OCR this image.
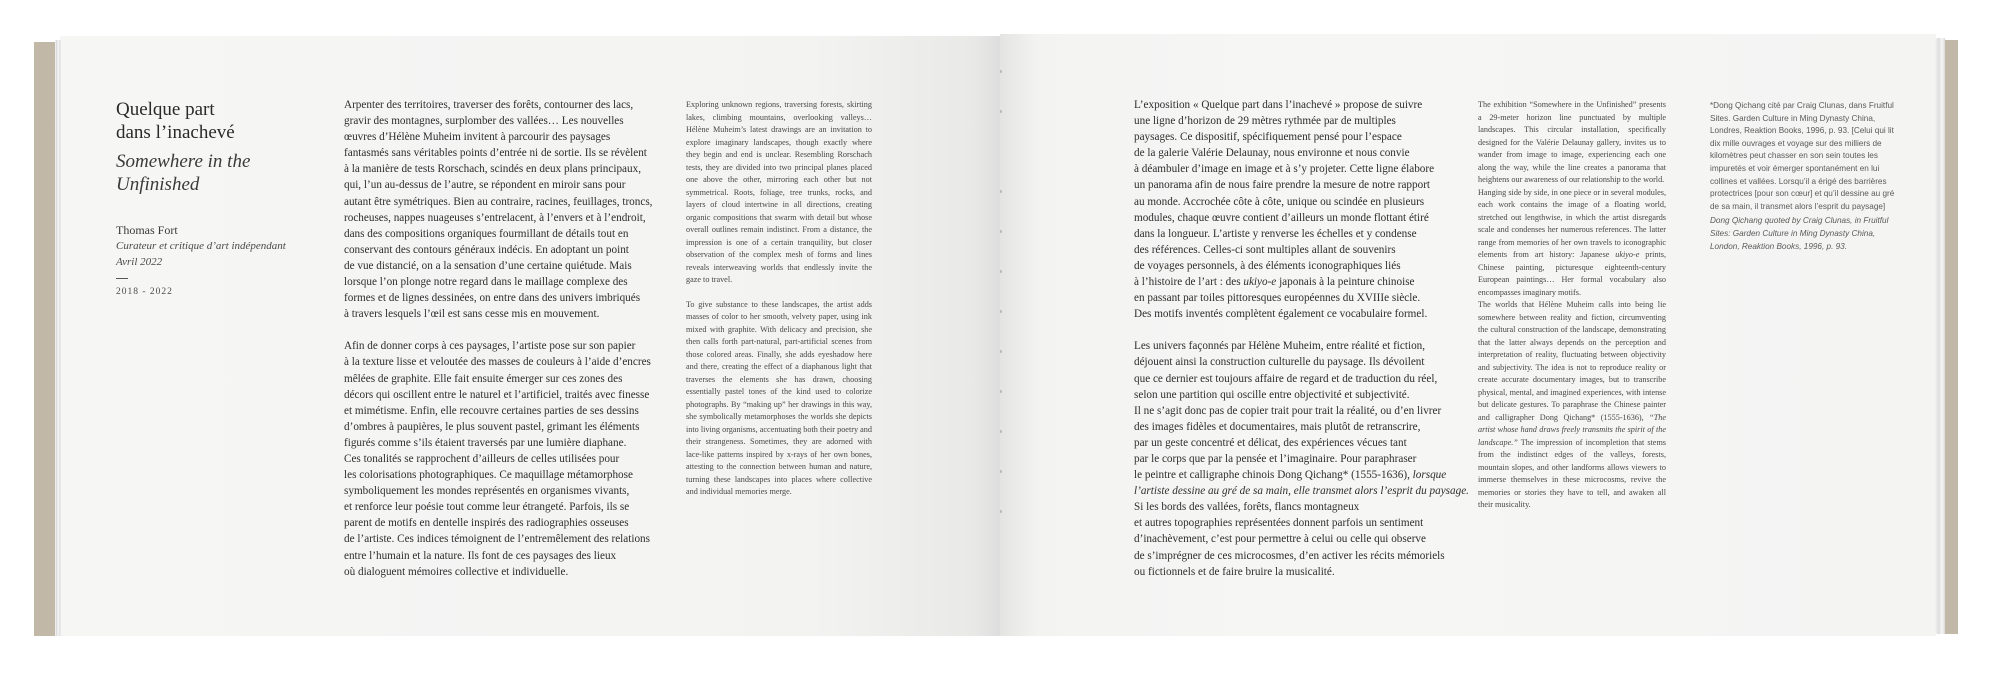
Quelque part
dans l’inachevé
Somewhere in the
Unfinished
Thomas Fort
Curateur et critique d’art indépendant
Avril 2022
2018 - 2022

Arpenter des territoires, traverser des forêts, contourner des lacs,
gravir des montagnes, surplomber des vallées… Les nouvelles
œuvres d’Hélène Muheim invitent à parcourir des paysages
fantasmés sans véritables points d’entrée ni de sortie. Ils se révèlent
à la manière de tests Rorschach, scindés en deux plans principaux,
qui, l’un au-dessus de l’autre, se répondent en miroir sans pour
autant être symétriques. Bien au contraire, racines, feuillages, troncs,
rocheuses, nappes nuageuses s’entrelacent, à l’envers et à l’endroit,
dans des compositions organiques fourmillant de détails tout en
conservant des contours généraux indécis. En adoptant un point
de vue distancié, on a la sensation d’une certaine quiétude. Mais
lorsque l’on plonge notre regard dans le maillage complexe des
formes et de lignes dessinées, on entre dans des univers imbriqués
à travers lesquels l’œil est sans cesse mis en mouvement.

Afin de donner corps à ces paysages, l’artiste pose sur son papier
à la texture lisse et veloutée des masses de couleurs à l’aide d’encres
mêlées de graphite. Elle fait ensuite émerger sur ces zones des
décors qui oscillent entre le naturel et l’artificiel, traités avec finesse
et mimétisme. Enfin, elle recouvre certaines parties de ses dessins
d’ombres à paupières, le plus souvent pastel, grimant les éléments
figurés comme s’ils étaient traversés par une lumière diaphane.
Ces tonalités se rapprochent d’ailleurs de celles utilisées pour
les colorisations photographiques. Ce maquillage métamorphose
symboliquement les mondes représentés en organismes vivants,
et renforce leur poésie tout comme leur étrangeté. Parfois, ils se
parent de motifs en dentelle inspirés des radiographies osseuses
de l’artiste. Ces indices témoignent de l’entremêlement des relations
entre l’humain et la nature. Ils font de ces paysages des lieux
où dialoguent mémoires collective et individuelle.

Exploring unknown regions, traversing forests, skirting lakes, climbing mountains, overlooking valleys… Hélène Muheim’s latest drawings are an invitation to explore imaginary landscapes, though exactly where they begin and end is unclear. Resembling Rorschach tests, they are divided into two principal planes placed one above the other, mirroring each other but not symmetrical. Roots, foliage, tree trunks, rocks, and layers of cloud intertwine in all directions, creating organic compositions that swarm with detail but whose overall outlines remain indistinct. From a distance, the impression is one of a certain tranquility, but closer observation of the complex mesh of forms and lines reveals interweaving worlds that endlessly invite the gaze to travel.

To give substance to these landscapes, the artist adds masses of color to her smooth, velvety paper, using ink mixed with graphite. With delicacy and precision, she then calls forth part-natural, part-artificial scenes from those colored areas. Finally, she adds eyeshadow here and there, creating the effect of a diaphanous light that traverses the elements she has drawn, choosing essentially pastel tones of the kind used to colorize photographs. By “making up” her drawings in this way, she symbolically metamorphoses the worlds she depicts into living organisms, accentuating both their poetry and their strangeness. Sometimes, they are adorned with lace-like patterns inspired by x-rays of her own bones, attesting to the connection between human and nature, turning these landscapes into places where collective and individual memories merge.

L’exposition « Quelque part dans l’inachevé » propose de suivre
une ligne d’horizon de 29 mètres rythmée par de multiples
paysages. Ce dispositif, spécifiquement pensé pour l’espace
de la galerie Valérie Delaunay, nous environne et nous convie
à déambuler d’image en image et à s’y projeter. Cette ligne élabore
un panorama afin de nous faire prendre la mesure de notre rapport
au monde. Accrochée côte à côte, unique ou scindée en plusieurs
modules, chaque œuvre contient d’ailleurs un monde flottant étiré
dans la longueur. L’artiste y renverse les échelles et y condense
des références. Celles-ci sont multiples allant de souvenirs
de voyages personnels, à des éléments iconographiques liés
à l’histoire de l’art : des ukiyo-e japonais à la peinture chinoise
en passant par toiles pittoresques européennes du XVIIIe siècle.
Des motifs inventés complètent également ce vocabulaire formel.

Les univers façonnés par Hélène Muheim, entre réalité et fiction,
déjouent ainsi la construction culturelle du paysage. Ils dévoilent
que ce dernier est toujours affaire de regard et de traduction du réel,
selon une partition qui oscille entre objectivité et subjectivité.
Il ne s’agit donc pas de copier trait pour trait la réalité, ou d’en livrer
des images fidèles et documentaires, mais plutôt de retranscrire,
par un geste concentré et délicat, des expériences vécues tant
par le corps que par la pensée et l’imaginaire. Pour paraphraser
le peintre et calligraphe chinois Dong Qichang* (1555-1636), lorsque
l’artiste dessine au gré de sa main, elle transmet alors l’esprit du paysage.
Si les bords des vallées, forêts, flancs montagneux
et autres topographies représentées donnent parfois un sentiment
d’inachèvement, c’est pour permettre à celui ou celle qui observe
de s’imprégner de ces microcosmes, d’en activer les récits mémoriels
ou fictionnels et de faire bruire la musicalité.

The exhibition “Somewhere in the Unfinished” presents a 29-meter horizon line punctuated by multiple landscapes. This circular installation, specifically designed for the Valérie Delaunay gallery, invites us to wander from image to image, experiencing each one along the way, while the line creates a panorama that heightens our awareness of our relationship to the world.

Hanging side by side, in one piece or in several modules, each work contains the image of a floating world, stretched out lengthwise, in which the artist disregards scale and condenses her numerous references. The latter range from memories of her own travels to iconographic elements from art history: Japanese ukiyo-e prints, Chinese painting, picturesque eighteenth-century European paintings… Her formal vocabulary also encompasses imaginary motifs.

The worlds that Hélène Muheim calls into being lie somewhere between reality and fiction, circumventing the cultural construction of the landscape, demonstrating that the latter always depends on the perception and interpretation of reality, fluctuating between objectivity and subjectivity. The idea is not to reproduce reality or create accurate documentary images, but to transcribe physical, mental, and imagined experiences, with intense but delicate gestures. To paraphrase the Chinese painter and calligrapher Dong Qichang* (1555-1636), “The artist whose hand draws freely transmits the spirit of the landscape.” The impression of incompletion that stems from the indistinct edges of the valleys, forests, mountain slopes, and other landforms allows viewers to immerse themselves in these microcosms, revive the memories or stories they have to tell, and awaken all their musicality.

*Dong Qichang cité par Craig Clunas, dans Fruitful Sites. Garden Culture in Ming Dynasty China, Londres, Reaktion Books, 1996, p. 93. [Celui qui lit dix mille ouvrages et voyage sur des milliers de kilomètres peut chasser en son sein toutes les impuretés et voir émerger spontanément en lui collines et vallées. Lorsqu’il a érigé des barrières protectrices [pour son cœur] et qu’il dessine au gré de sa main, il transmet alors l’esprit du paysage]

Dong Qichang quoted by Craig Clunas, in Fruitful Sites: Garden Culture in Ming Dynasty China, London, Reaktion Books, 1996, p. 93.
